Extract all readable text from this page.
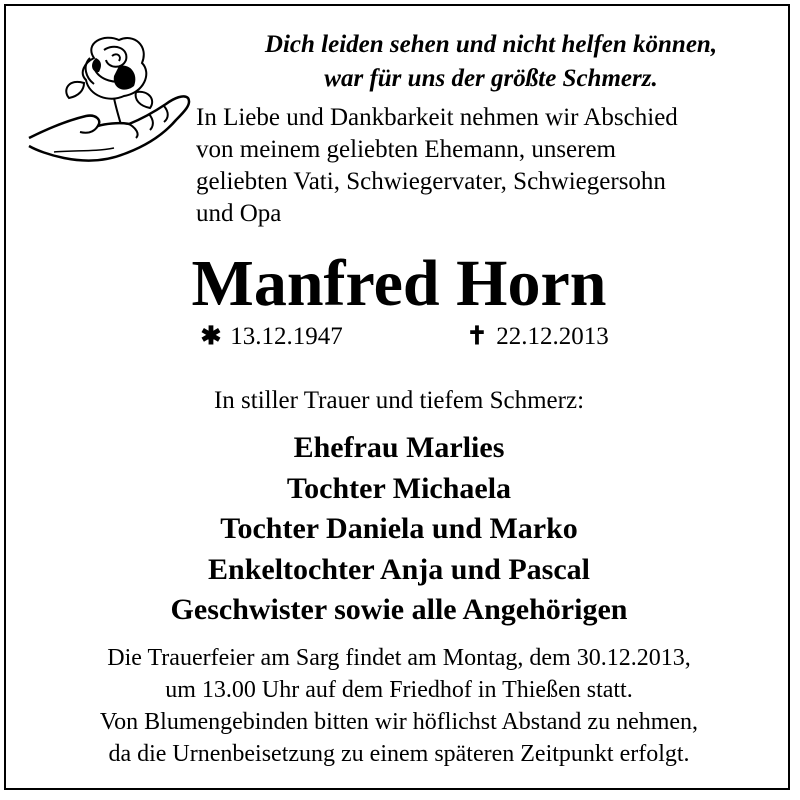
Dich leiden sehen und nicht helfen können,
war für uns der größte Schmerz.
In Liebe und Dankbarkeit nehmen wir Abschied
von meinem geliebten Ehemann, unserem
geliebten Vati, Schwiegervater, Schwiegersohn
und Opa
Manfred Horn
✱ 13.12.1947	✝ 22.12.2013
In stiller Trauer und tiefem Schmerz:
Ehefrau Marlies
Tochter Michaela
Tochter Daniela und Marko
Enkeltochter Anja und Pascal
Geschwister sowie alle Angehörigen
Die Trauerfeier am Sarg findet am Montag, dem 30.12.2013,
um 13.00 Uhr auf dem Friedhof in Thießen statt.
Von Blumengebinden bitten wir höflichst Abstand zu nehmen,
da die Urnenbeisetzung zu einem späteren Zeitpunkt erfolgt.
